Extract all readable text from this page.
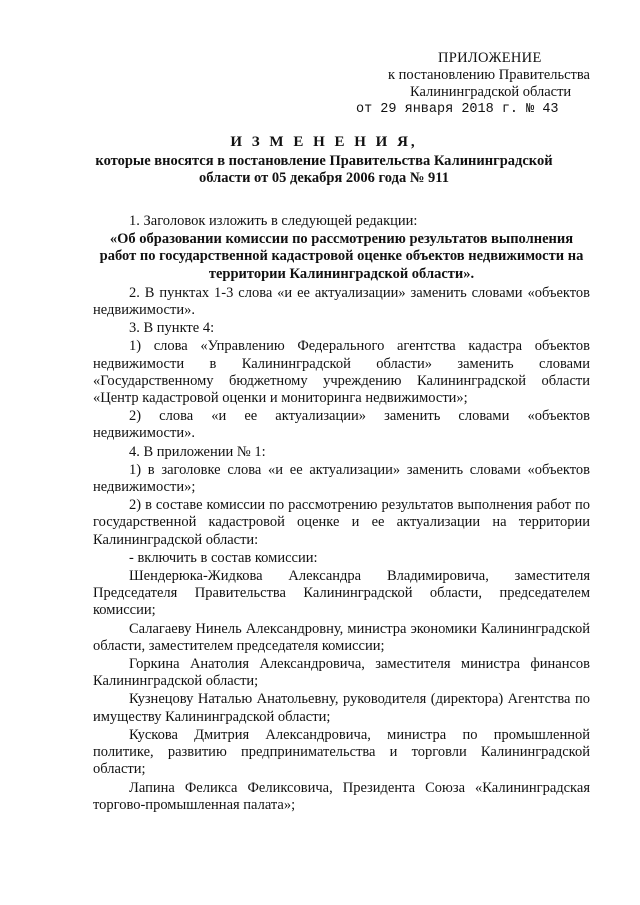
ПРИЛОЖЕНИЕ
к постановлению Правительства
Калининградской области
от 29 января 2018 г. № 43
И З М Е Н Е Н И Я,
которые вносятся в постановление Правительства Калининградской области от 05 декабря 2006 года № 911

1. Заголовок изложить в следующей редакции:

«Об образовании комиссии по рассмотрению результатов выполнения работ по государственной кадастровой оценке объектов недвижимости на территории Калининградской области».

2. В пунктах 1-3 слова «и ее актуализации» заменить словами «объектов недвижимости».

3. В пункте 4:

1) слова «Управлению Федерального агентства кадастра объектов недвижимости в Калининградской области» заменить словами «Государственному бюджетному учреждению Калининградской области «Центр кадастровой оценки и мониторинга недвижимости»;

2) слова «и ее актуализации» заменить словами «объектов недвижимости».

4. В приложении № 1:

1) в заголовке слова «и ее актуализации» заменить словами «объектов недвижимости»;

2) в составе комиссии по рассмотрению результатов выполнения работ по государственной кадастровой оценке и ее актуализации на территории Калининградской области:

- включить в состав комиссии:

Шендерюка-Жидкова Александра Владимировича, заместителя Председателя Правительства Калининградской области, председателем комиссии;

Салагаеву Нинель Александровну, министра экономики Калининградской области, заместителем председателя комиссии;

Горкина Анатолия Александровича, заместителя министра финансов Калининградской области;

Кузнецову Наталью Анатольевну, руководителя (директора) Агентства по имуществу Калининградской области;

Кускова Дмитрия Александровича, министра по промышленной политике, развитию предпринимательства и торговли Калининградской области;

Лапина Феликса Феликсовича, Президента Союза «Калининградская торгово-промышленная палата»;
